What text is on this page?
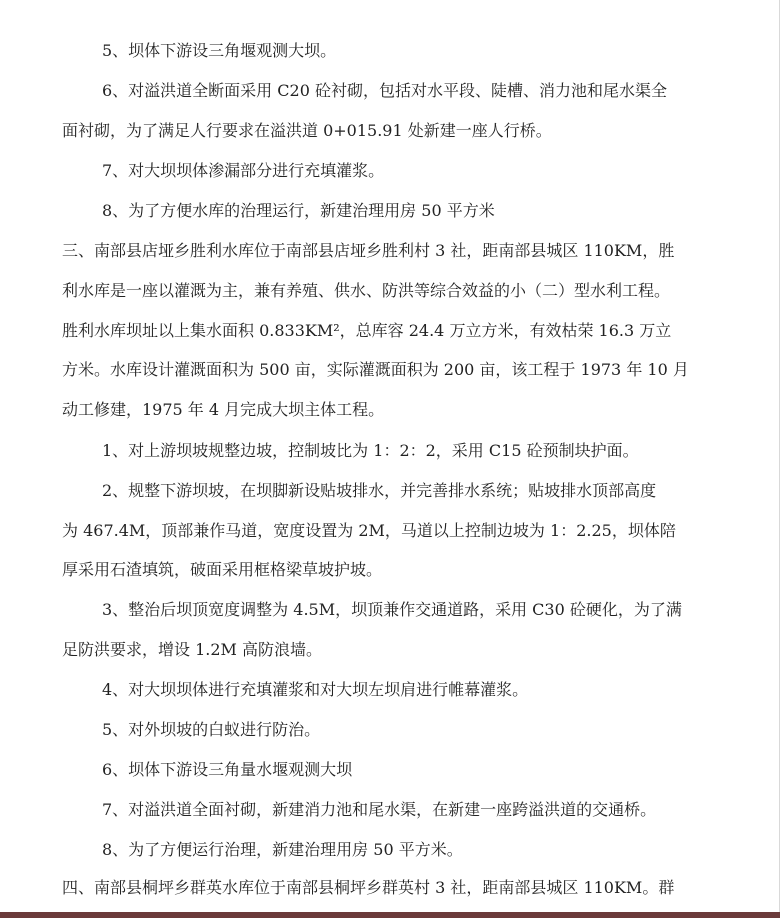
5、坝体下游设三角堰观测大坝。
6、对溢洪道全断面采用 C20 砼衬砌，包括对水平段、陡槽、消力池和尾水渠全
面衬砌，为了满足人行要求在溢洪道 0+015.91 处新建一座人行桥。
7、对大坝坝体渗漏部分进行充填灌浆。
8、为了方便水库的治理运行，新建治理用房 50 平方米
三、南部县店垭乡胜利水库位于南部县店垭乡胜利村 3 社，距南部县城区 110KM，胜
利水库是一座以灌溉为主，兼有养殖、供水、防洪等综合效益的小（二）型水利工程。
胜利水库坝址以上集水面积 0.833KM²，总库容 24.4 万立方米，有效枯荣 16.3 万立
方米。水库设计灌溉面积为 500 亩，实际灌溉面积为 200 亩，该工程于 1973 年 10 月
动工修建，1975 年 4 月完成大坝主体工程。
1、对上游坝坡规整边坡，控制坡比为 1：2：2，采用 C15 砼预制块护面。
2、规整下游坝坡，在坝脚新设贴坡排水，并完善排水系统；贴坡排水顶部高度
为 467.4M，顶部兼作马道，宽度设置为 2M，马道以上控制边坡为 1：2.25，坝体陪
厚采用石渣填筑，破面采用框格梁草坡护坡。
3、整治后坝顶宽度调整为 4.5M，坝顶兼作交通道路，采用 C30 砼硬化，为了满
足防洪要求，增设 1.2M 高防浪墙。
4、对大坝坝体进行充填灌浆和对大坝左坝肩进行帷幕灌浆。
5、对外坝坡的白蚁进行防治。
6、坝体下游设三角量水堰观测大坝
7、对溢洪道全面衬砌，新建消力池和尾水渠，在新建一座跨溢洪道的交通桥。
8、为了方便运行治理，新建治理用房 50 平方米。
四、南部县桐坪乡群英水库位于南部县桐坪乡群英村 3 社，距南部县城区 110KM。群
